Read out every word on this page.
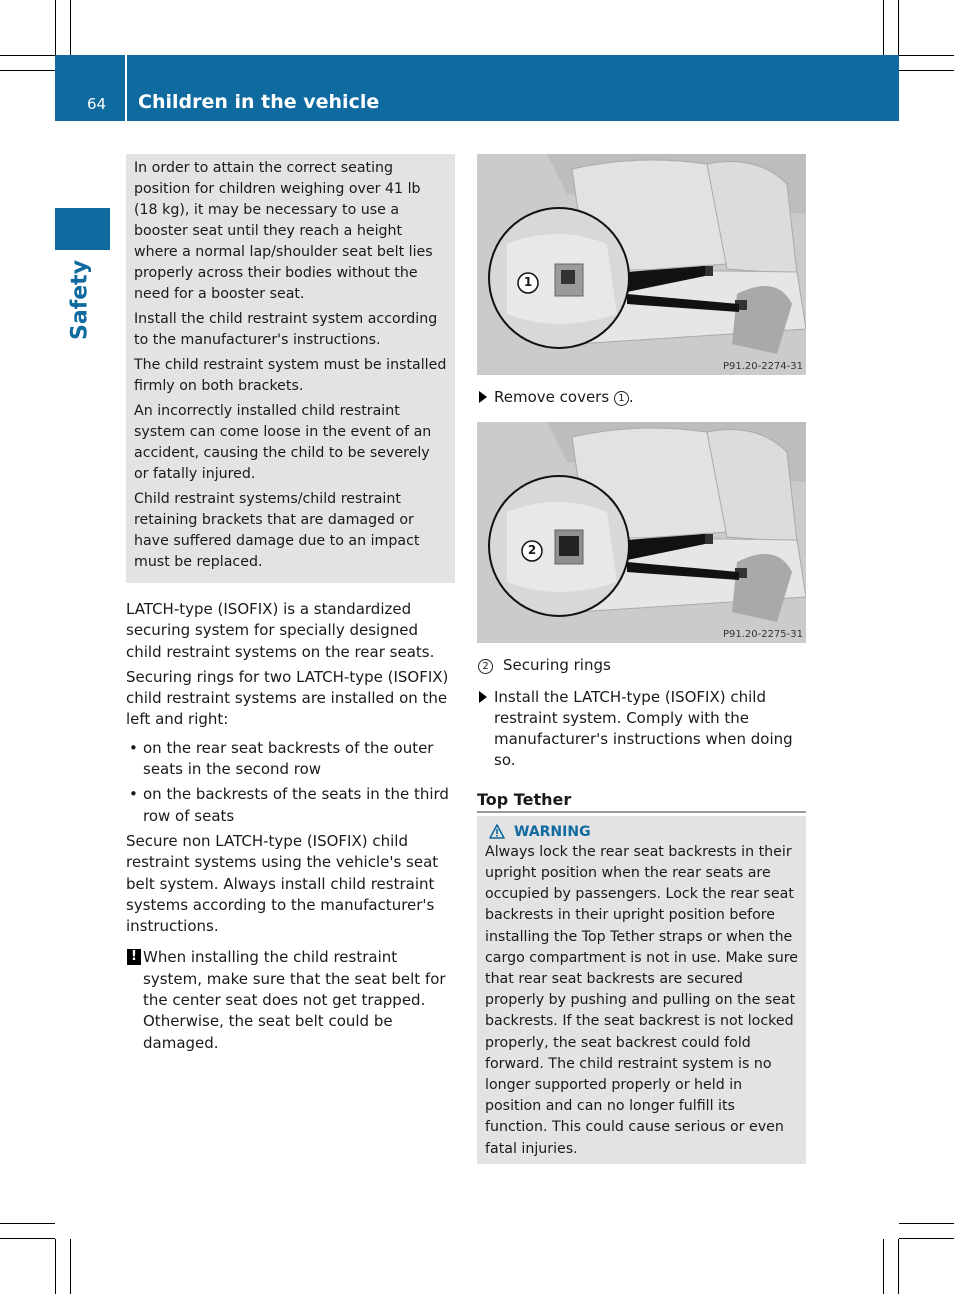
64 Children in the vehicle
Safety

In order to attain the correct seating position for children weighing over 41 lb (18 kg), it may be necessary to use a booster seat until they reach a height where a normal lap/shoulder seat belt lies properly across their bodies without the need for a booster seat.

Install the child restraint system according to the manufacturer's instructions.

The child restraint system must be installed firmly on both brackets.

An incorrectly installed child restraint system can come loose in the event of an accident, causing the child to be severely or fatally injured.

Child restraint systems/child restraint retaining brackets that are damaged or have suffered damage due to an impact must be replaced.

LATCH-type (ISOFIX) is a standardized securing system for specially designed child restraint systems on the rear seats.

Securing rings for two LATCH-type (ISOFIX) child restraint systems are installed on the left and right:

• on the rear seat backrests of the outer seats in the second row
• on the backrests of the seats in the third row of seats

Secure non LATCH-type (ISOFIX) child restraint systems using the vehicle's seat belt system. Always install child restraint systems according to the manufacturer's instructions.

! When installing the child restraint system, make sure that the seat belt for the center seat does not get trapped. Otherwise, the seat belt could be damaged.
1
P91.20-2274-31
Remove covers 1 .
2
P91.20-2275-31
2 Securing rings
Install the LATCH-type (ISOFIX) child restraint system. Comply with the manufacturer's instructions when doing so.
Top Tether
WARNING

Always lock the rear seat backrests in their upright position when the rear seats are occupied by passengers. Lock the rear seat backrests in their upright position before installing the Top Tether straps or when the cargo compartment is not in use. Make sure that rear seat backrests are secured properly by pushing and pulling on the seat backrests. If the seat backrest is not locked properly, the seat backrest could fold forward. The child restraint system is no longer supported properly or held in position and can no longer fulfill its function. This could cause serious or even fatal injuries.
